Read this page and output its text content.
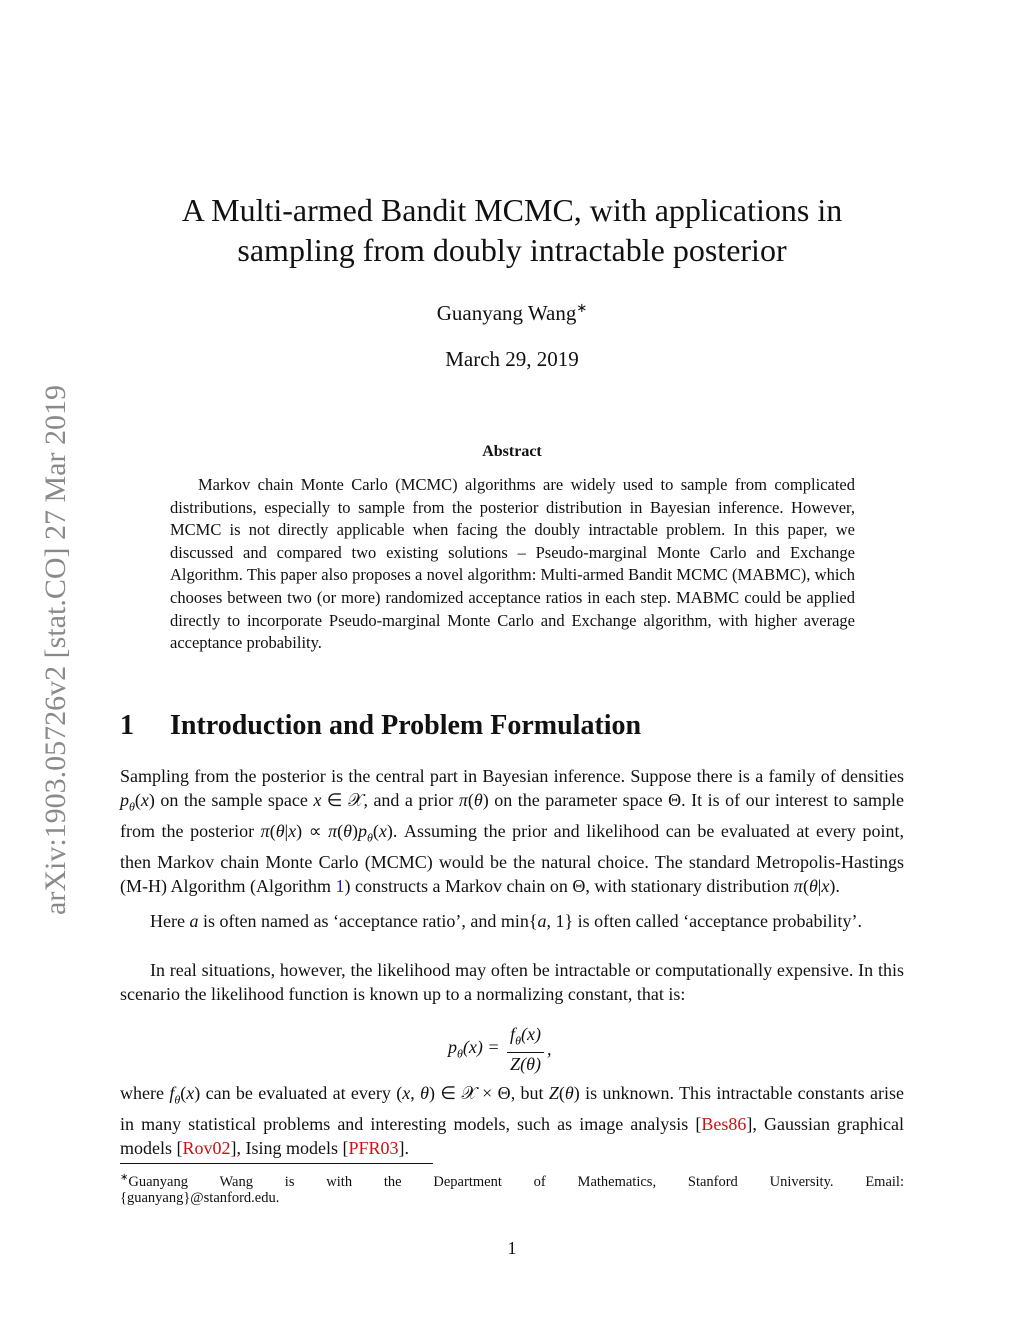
arXiv:1903.05726v2 [stat.CO] 27 Mar 2019
A Multi-armed Bandit MCMC, with applications in
sampling from doubly intractable posterior
Guanyang Wang∗
March 29, 2019
Abstract
Markov chain Monte Carlo (MCMC) algorithms are widely used to sample from complicated distributions, especially to sample from the posterior distribution in Bayesian inference. However, MCMC is not directly applicable when facing the doubly intractable problem. In this paper, we discussed and compared two existing solutions – Pseudo-marginal Monte Carlo and Exchange Algorithm. This paper also proposes a novel algorithm: Multi-armed Bandit MCMC (MABMC), which chooses between two (or more) randomized acceptance ratios in each step. MABMC could be applied directly to incorporate Pseudo-marginal Monte Carlo and Exchange algorithm, with higher average acceptance probability.
1 Introduction and Problem Formulation
Sampling from the posterior is the central part in Bayesian inference. Suppose there is a family of densities $p_\theta(x)$ on the sample space x ∈ 𝒳, and a prior π(θ) on the parameter space Θ. It is of our interest to sample from the posterior $\pi(\theta|x) \propto \pi(\theta)p_\theta(x)$. Assuming the prior and likelihood can be evaluated at every point, then Markov chain Monte Carlo (MCMC) would be the natural choice. The standard Metropolis-Hastings (M-H) Algorithm (Algorithm 1) constructs a Markov chain on Θ, with stationary distribution π(θ|x).
Here a is often named as ‘acceptance ratio’, and min{a, 1} is often called ‘acceptance probability’.
In real situations, however, the likelihood may often be intractable or computationally expensive. In this scenario the likelihood function is known up to a normalizing constant, that is:
$p_\theta(x) = \frac{f_\theta(x)}{Z(\theta)}$ ,
where $f_\theta(x)$ can be evaluated at every (x, θ) ∈ 𝒳 × Θ, but Z(θ) is unknown. This intractable constants arise in many statistical problems and interesting models, such as image analysis [Bes86], Gaussian graphical models [Rov02], Ising models [PFR03].
∗Guanyang Wang is with the Department of Mathematics, Stanford University. Email:
{guanyang}@stanford.edu.
1
